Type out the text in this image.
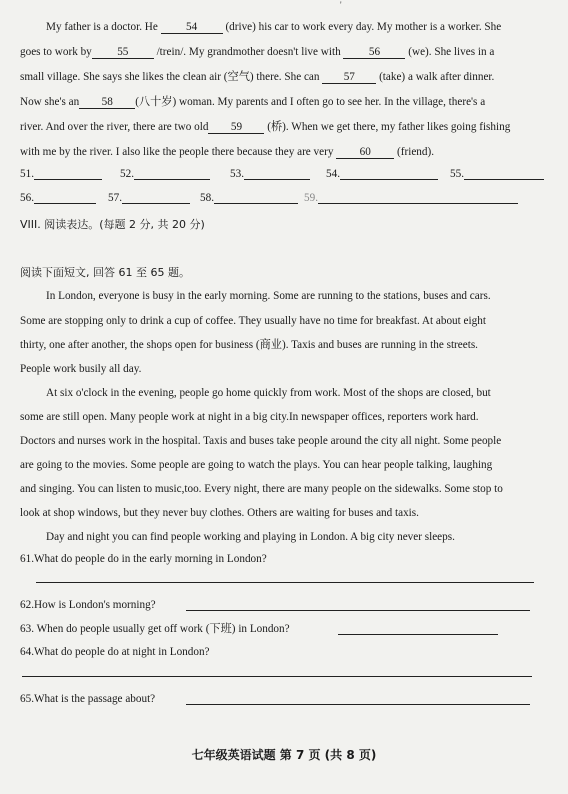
'
My father is a doctor. He 54 (drive) his car to work every day. My mother is a worker. She
goes to work by 55 /trein/. My grandmother doesn't live with 56 (we). She lives in a
small village. She says she likes the clean air (空气) there. She can 57 (take) a walk after dinner.
Now she's an 58 (八十岁) woman. My parents and I often go to see her. In the village, there's a
river. And over the river, there are two old 59 (桥). When we get there, my father likes going fishing
with me by the river. I also like the people there because they are very 60 (friend).
51.	52.	53.	54.	55.
56.	57.	58.	59.
VIII. 阅读表达。(每题 2 分, 共 20 分)
阅读下面短文, 回答 61 至 65 题。
In London, everyone is busy in the early morning. Some are running to the stations, buses and cars.
Some are stopping only to drink a cup of coffee. They usually have no time for breakfast. At about eight
thirty, one after another, the shops open for business (商业). Taxis and buses are running in the streets.
People work busily all day.
At six o'clock in the evening, people go home quickly from work. Most of the shops are closed, but
some are still open. Many people work at night in a big city.In newspaper offices, reporters work hard.
Doctors and nurses work in the hospital. Taxis and buses take people around the city all night. Some people
are going to the movies. Some people are going to watch the plays. You can hear people talking, laughing
and singing. You can listen to music,too. Every night, there are many people on the sidewalks. Some stop to
look at shop windows, but they never buy clothes. Others are waiting for buses and taxis.
Day and night you can find people working and playing in London. A big city never sleeps.
61.What do people do in the early morning in London?
62.How is London's morning?
63. When do people usually get off work (下班) in London?
64.What do people do at night in London?
65.What is the passage about?
七年级英语试题 第 7 页 (共 8 页)
